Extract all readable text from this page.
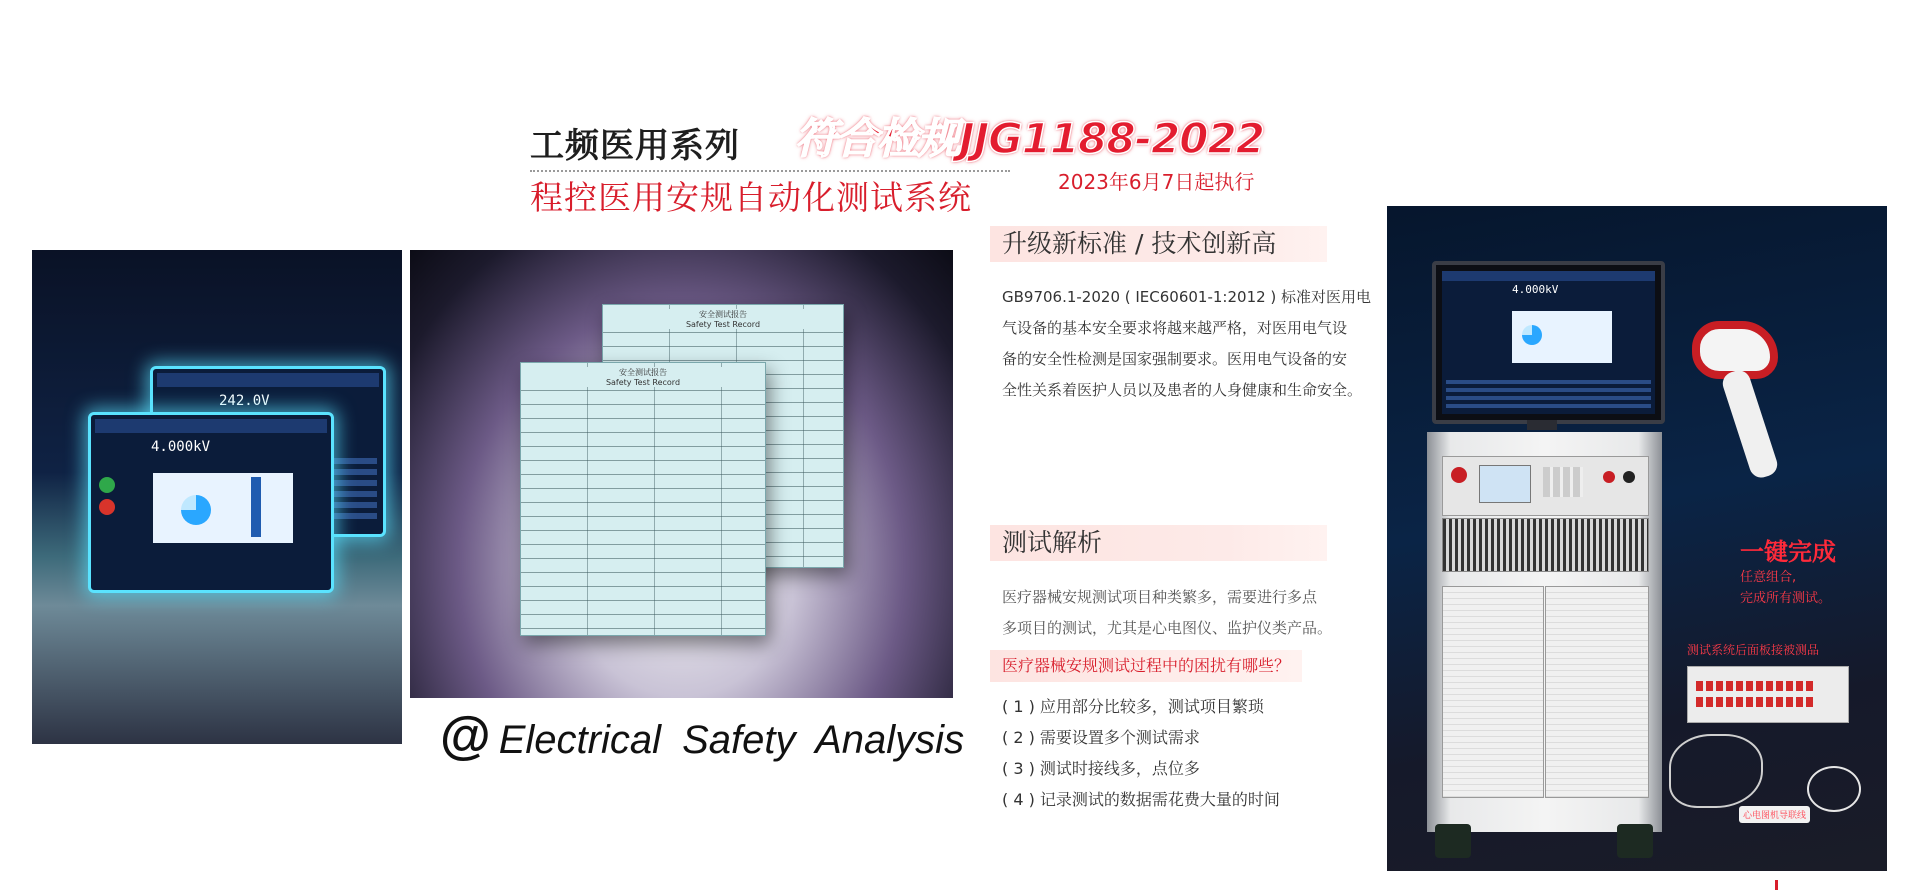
工频医用系列 符合检规JJG1188-2022
程控医用安规自动化测试系统	2023年6月7日起执行
242.0V
4.000kV
安全测试报告
Safety Test Record
安全测试报告
Safety Test Record
@ Electrical Safety Analysis
升级新标准 / 技术创新高
GB9706.1-2020 ( IEC60601-1:2012 ) 标准对医用电
气设备的基本安全要求将越来越严格，对医用电气设
备的安全性检测是国家强制要求。医用电气设备的安
全性关系着医护人员以及患者的人身健康和生命安全。
测试解析
医疗器械安规测试项目种类繁多，需要进行多点
多项目的测试，尤其是心电图仪、监护仪类产品。
医疗器械安规测试过程中的困扰有哪些？
( 1 ) 应用部分比较多，测试项目繁琐
( 2 ) 需要设置多个测试需求
( 3 ) 测试时接线多，点位多
( 4 ) 记录测试的数据需花费大量的时间
4.000kV
一键完成
任意组合,
完成所有测试。
测试系统后面板接被测品
心电图机导联线
